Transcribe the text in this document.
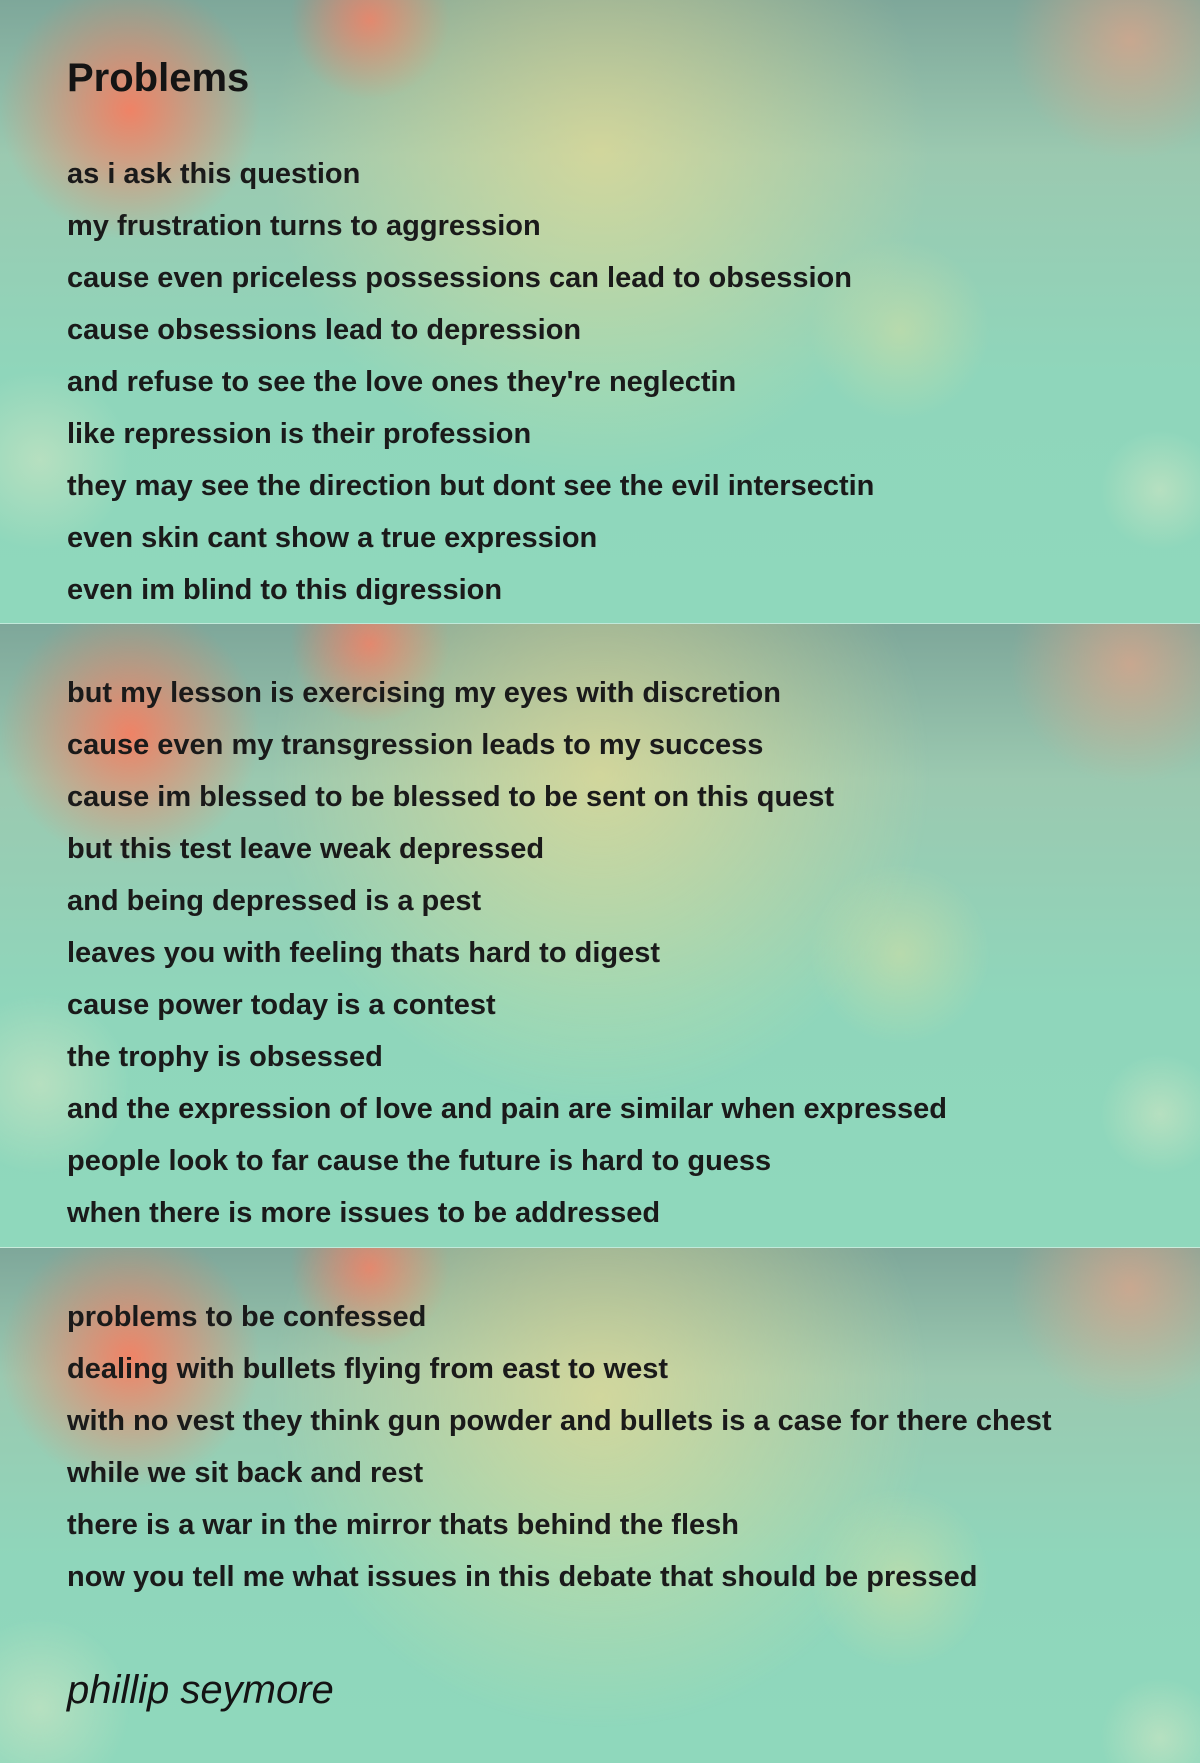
Problems
as i ask this question
my frustration turns to aggression
cause even priceless possessions can lead to obsession
cause obsessions lead to depression
and refuse to see the love ones they're neglectin
like repression is their profession
they may see the direction but dont see the evil intersectin
even skin cant show a true expression
even im blind to this digression
but my lesson is exercising my eyes with discretion
cause even my transgression leads to my success
cause im blessed to be blessed to be sent on this quest
but this test leave weak depressed
and being depressed is a pest
leaves you with feeling thats hard to digest
cause power today is a contest
the trophy is obsessed
and the expression of love and pain are similar when expressed
people look to far cause the future is hard to guess
when there is more issues to be addressed
problems to be confessed
dealing with bullets flying from east to west
with no vest they think gun powder and bullets is a case for there chest
while we sit back and rest
there is a war in the mirror thats behind the flesh
now you tell me what issues in this debate that should be pressed
phillip seymore
